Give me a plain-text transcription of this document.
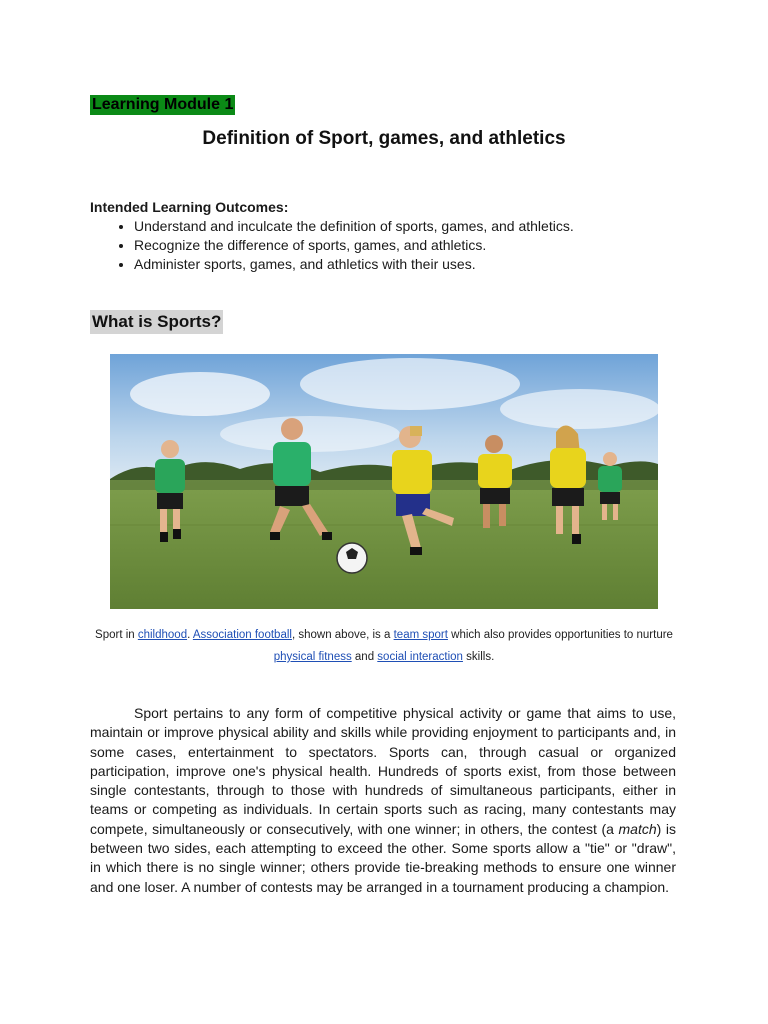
Learning Module 1
Definition of Sport, games, and athletics

Intended Learning Outcomes:

• Understand and inculcate the definition of sports, games, and athletics.
• Recognize the difference of sports, games, and athletics.
• Administer sports, games, and athletics with their uses.
What is Sports?
Sport in childhood. Association football, shown above, is a team sport which also provides opportunities to nurture physical fitness and social interaction skills.

Sport pertains to any form of competitive physical activity or game that aims to use, maintain or improve physical ability and skills while providing enjoyment to participants and, in some cases, entertainment to spectators. Sports can, through casual or organized participation, improve one's physical health. Hundreds of sports exist, from those between single contestants, through to those with hundreds of simultaneous participants, either in teams or competing as individuals. In certain sports such as racing, many contestants may compete, simultaneously or consecutively, with one winner; in others, the contest (a match) is between two sides, each attempting to exceed the other. Some sports allow a "tie" or "draw", in which there is no single winner; others provide tie-breaking methods to ensure one winner and one loser. A number of contests may be arranged in a tournament producing a champion.
